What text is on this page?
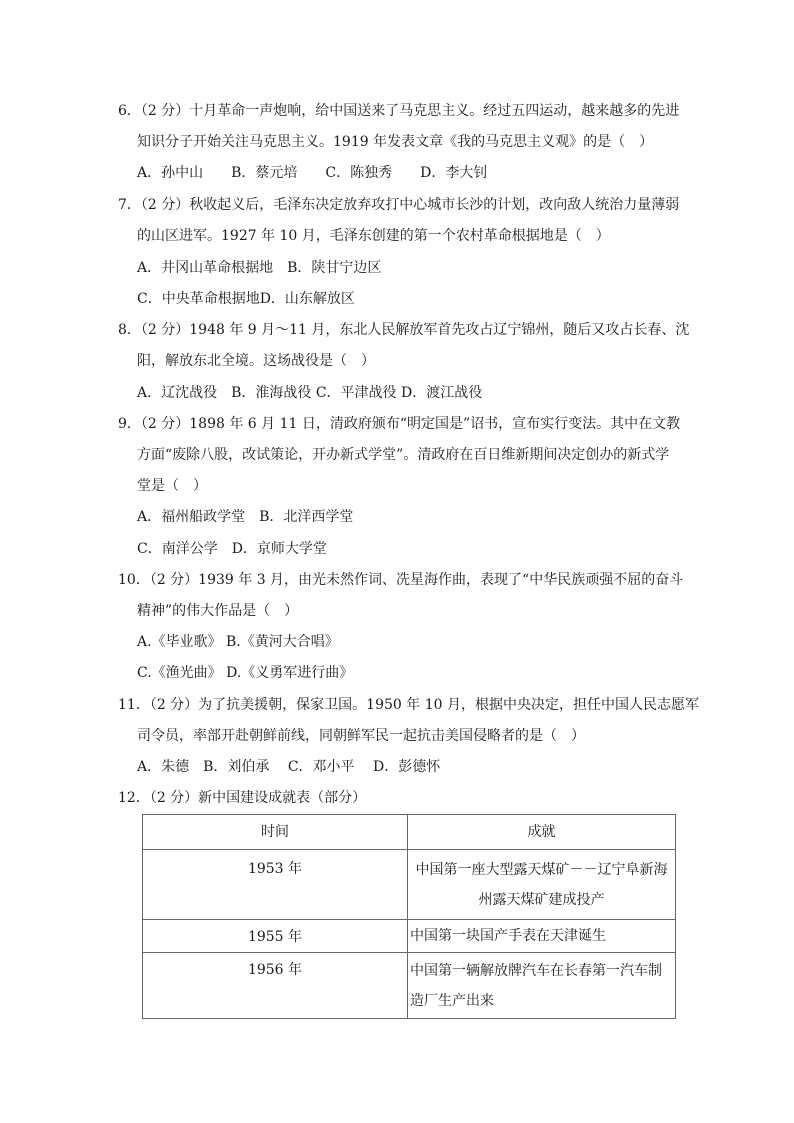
6．（2 分）十月革命一声炮响，给中国送来了马克思主义。经过五四运动，越来越多的先进
知识分子开始关注马克思主义。1919 年发表文章《我的马克思主义观》的是（　）
A．孙中山　　B．蔡元培　　C．陈独秀　　D．李大钊
7．（2 分）秋收起义后，毛泽东决定放弃攻打中心城市长沙的计划，改向敌人统治力量薄弱
的山区进军。1927 年 10 月，毛泽东创建的第一个农村革命根据地是（　）
A．井冈山革命根据地　B．陕甘宁边区
C．中央革命根据地D．山东解放区
8．（2 分）1948 年 9 月～11 月，东北人民解放军首先攻占辽宁锦州，随后又攻占长春、沈
阳，解放东北全境。这场战役是（　）
A．辽沈战役　B．淮海战役 C．平津战役 D．渡江战役
9．（2 分）1898 年 6 月 11 日，清政府颁布“明定国是”诏书，宣布实行变法。其中在文教
方面“废除八股，改试策论，开办新式学堂”。清政府在百日维新期间决定创办的新式学
堂是（　）
A．福州船政学堂　B．北洋西学堂
C．南洋公学　D．京师大学堂
10．（2 分）1939 年 3 月，由光未然作词、冼星海作曲，表现了“中华民族顽强不屈的奋斗
精神”的伟大作品是（　）
A.《毕业歌》 B.《黄河大合唱》
C.《渔光曲》 D.《义勇军进行曲》
11．（2 分）为了抗美援朝，保家卫国。1950 年 10 月，根据中央决定，担任中国人民志愿军
司令员，率部开赴朝鲜前线，同朝鲜军民一起抗击美国侵略者的是（　）
A．朱德　B．刘伯承　 C．邓小平　 D．彭德怀
12．（2 分）新中国建设成就表（部分）
时间	成就
1953 年	中国第一座大型露天煤矿－－辽宁阜新海
州露天煤矿建成投产

1955 年	中国第一块国产手表在天津诞生

1956 年	中国第一辆解放牌汽车在长春第一汽车制
造厂生产出来
